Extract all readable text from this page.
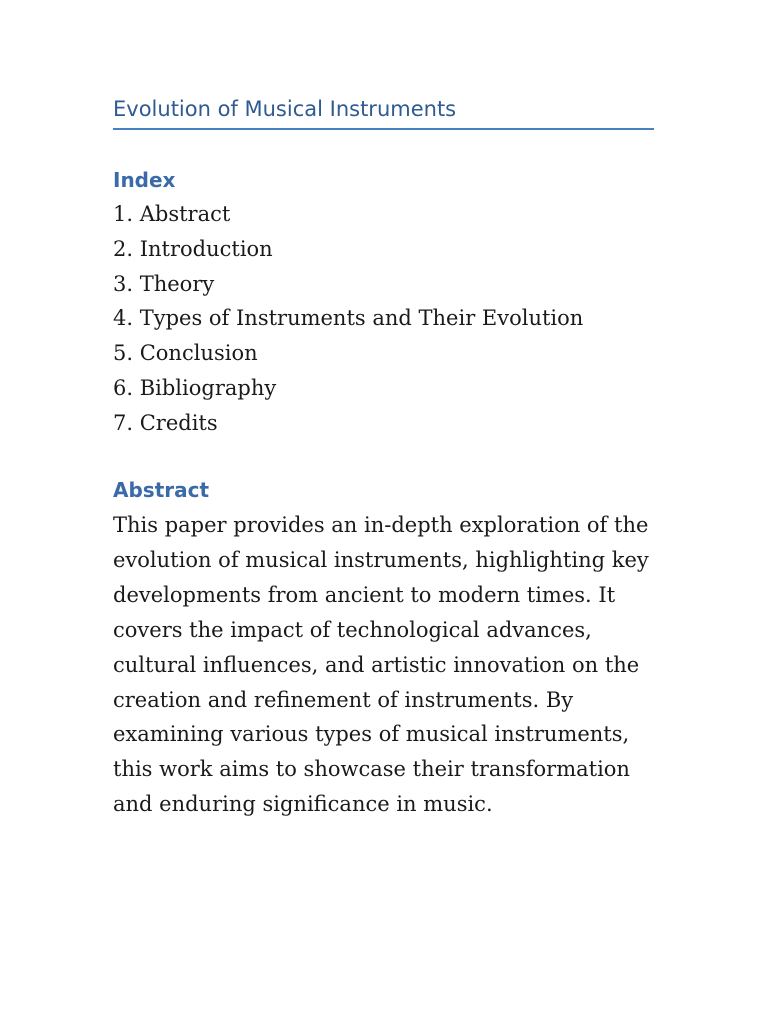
Evolution of Musical Instruments
Index
1. Abstract
2. Introduction
3. Theory
4. Types of Instruments and Their Evolution
5. Conclusion
6. Bibliography
7. Credits
Abstract

This paper provides an in-depth exploration of the
evolution of musical instruments, highlighting key
developments from ancient to modern times. It
covers the impact of technological advances,
cultural influences, and artistic innovation on the
creation and refinement of instruments. By
examining various types of musical instruments,
this work aims to showcase their transformation
and enduring significance in music.
